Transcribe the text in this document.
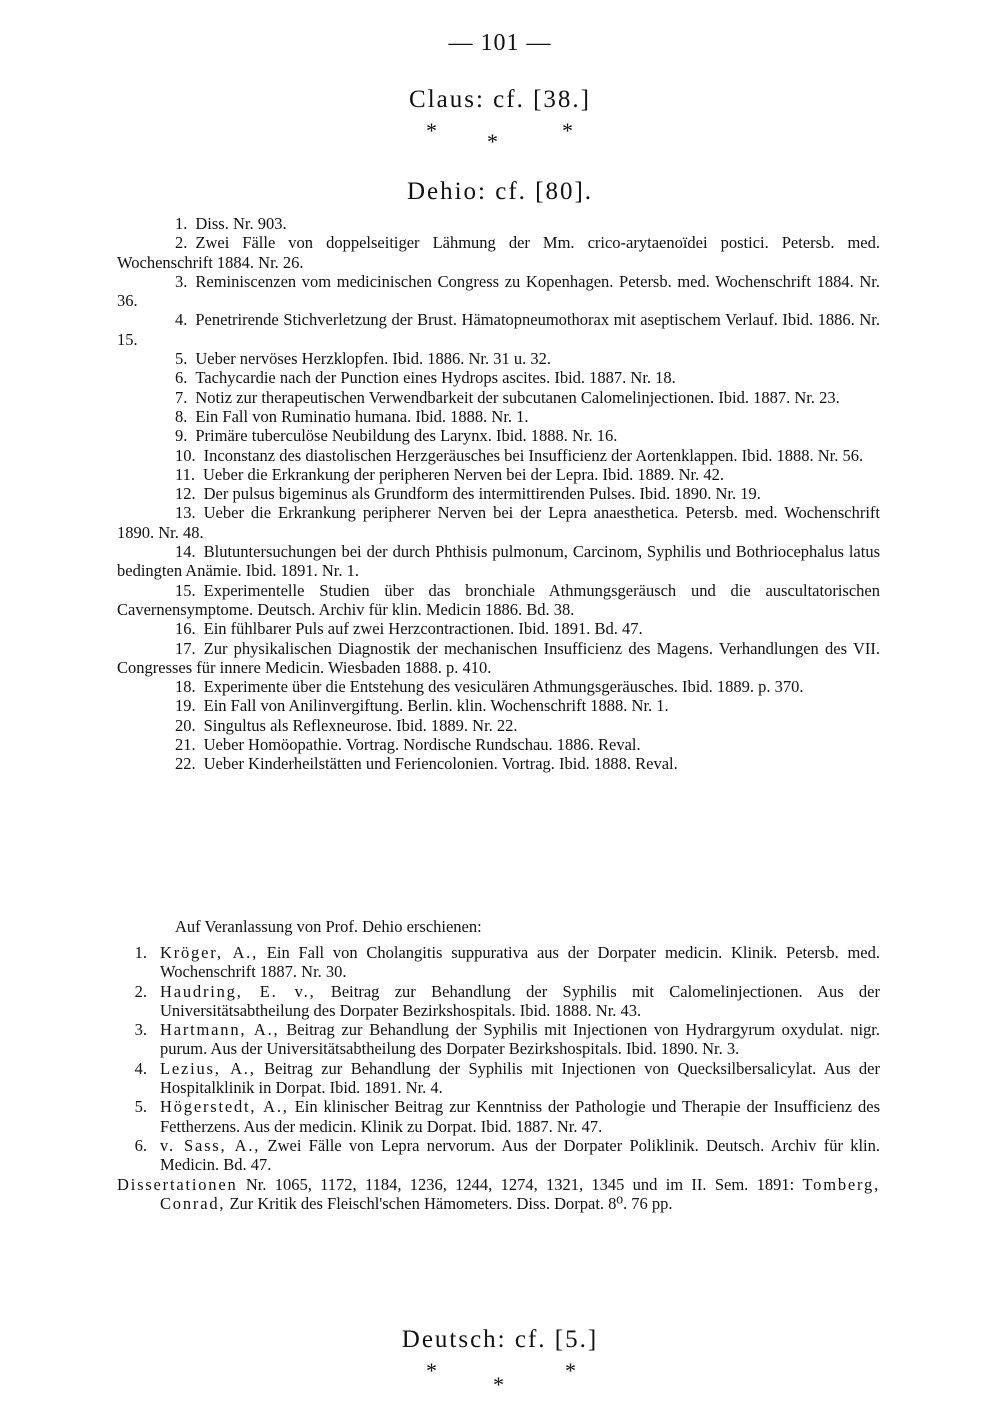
— 101 —
Claus: cf. [38.]
* *	*
Dehio: cf. [80].

1. Diss. Nr. 903.

2. Zwei Fälle von doppelseitiger Lähmung der Mm. crico-arytaenoïdei postici. Petersb. med. Wochenschrift 1884. Nr. 26.

3. Reminiscenzen vom medicinischen Congress zu Kopenhagen. Petersb. med. Wochenschrift 1884. Nr. 36.

4. Penetrirende Stichverletzung der Brust. Hämatopneumothorax mit aseptischem Verlauf. Ibid. 1886. Nr. 15.

5. Ueber nervöses Herzklopfen. Ibid. 1886. Nr. 31 u. 32.

6. Tachycardie nach der Punction eines Hydrops ascites. Ibid. 1887. Nr. 18.

7. Notiz zur therapeutischen Verwendbarkeit der subcutanen Calomelinjectionen. Ibid. 1887. Nr. 23.

8. Ein Fall von Ruminatio humana. Ibid. 1888. Nr. 1.

9. Primäre tuberculöse Neubildung des Larynx. Ibid. 1888. Nr. 16.

10. Inconstanz des diastolischen Herzgeräusches bei Insufficienz der Aortenklappen. Ibid. 1888. Nr. 56.

11. Ueber die Erkrankung der peripheren Nerven bei der Lepra. Ibid. 1889. Nr. 42.

12. Der pulsus bigeminus als Grundform des intermittirenden Pulses. Ibid. 1890. Nr. 19.

13. Ueber die Erkrankung peripherer Nerven bei der Lepra anaesthetica. Petersb. med. Wochenschrift 1890. Nr. 48.

14. Blutuntersuchungen bei der durch Phthisis pulmonum, Carcinom, Syphilis und Bothriocephalus latus bedingten Anämie. Ibid. 1891. Nr. 1.

15. Experimentelle Studien über das bronchiale Athmungsgeräusch und die auscultatorischen Cavernensymptome. Deutsch. Archiv für klin. Medicin 1886. Bd. 38.

16. Ein fühlbarer Puls auf zwei Herzcontractionen. Ibid. 1891. Bd. 47.

17. Zur physikalischen Diagnostik der mechanischen Insufficienz des Magens. Verhandlungen des VII. Congresses für innere Medicin. Wiesbaden 1888. p. 410.

18. Experimente über die Entstehung des vesiculären Athmungsgeräusches. Ibid. 1889. p. 370.

19. Ein Fall von Anilinvergiftung. Berlin. klin. Wochenschrift 1888. Nr. 1.

20. Singultus als Reflexneurose. Ibid. 1889. Nr. 22.

21. Ueber Homöopathie. Vortrag. Nordische Rundschau. 1886. Reval.

22. Ueber Kinderheilstätten und Feriencolonien. Vortrag. Ibid. 1888. Reval.

Auf Veranlassung von Prof. Dehio erschienen:

1. Kröger, A., Ein Fall von Cholangitis suppurativa aus der Dorpater medicin. Klinik. Petersb. med. Wochenschrift 1887. Nr. 30.

2. Haudring, E. v., Beitrag zur Behandlung der Syphilis mit Calomelinjectionen. Aus der Universitätsabtheilung des Dorpater Bezirkshospitals. Ibid. 1888. Nr. 43.

3. Hartmann, A., Beitrag zur Behandlung der Syphilis mit Injectionen von Hydrargyrum oxydulat. nigr. purum. Aus der Universitätsabtheilung des Dorpater Bezirkshospitals. Ibid. 1890. Nr. 3.

4. Lezius, A., Beitrag zur Behandlung der Syphilis mit Injectionen von Quecksilbersalicylat. Aus der Hospitalklinik in Dorpat. Ibid. 1891. Nr. 4.

5. Högerstedt, A., Ein klinischer Beitrag zur Kenntniss der Pathologie und Therapie der Insufficienz des Fettherzens. Aus der medicin. Klinik zu Dorpat. Ibid. 1887. Nr. 47.

6. v. Sass, A., Zwei Fälle von Lepra nervorum. Aus der Dorpater Poliklinik. Deutsch. Archiv für klin. Medicin. Bd. 47.

Dissertationen Nr. 1065, 1172, 1184, 1236, 1244, 1274, 1321, 1345 und im II. Sem. 1891: Tomberg, Conrad, Zur Kritik des Fleischl'schen Hämometers. Diss. Dorpat. 8⁰. 76 pp.

Deutsch: cf. [5.]
*
*
*
